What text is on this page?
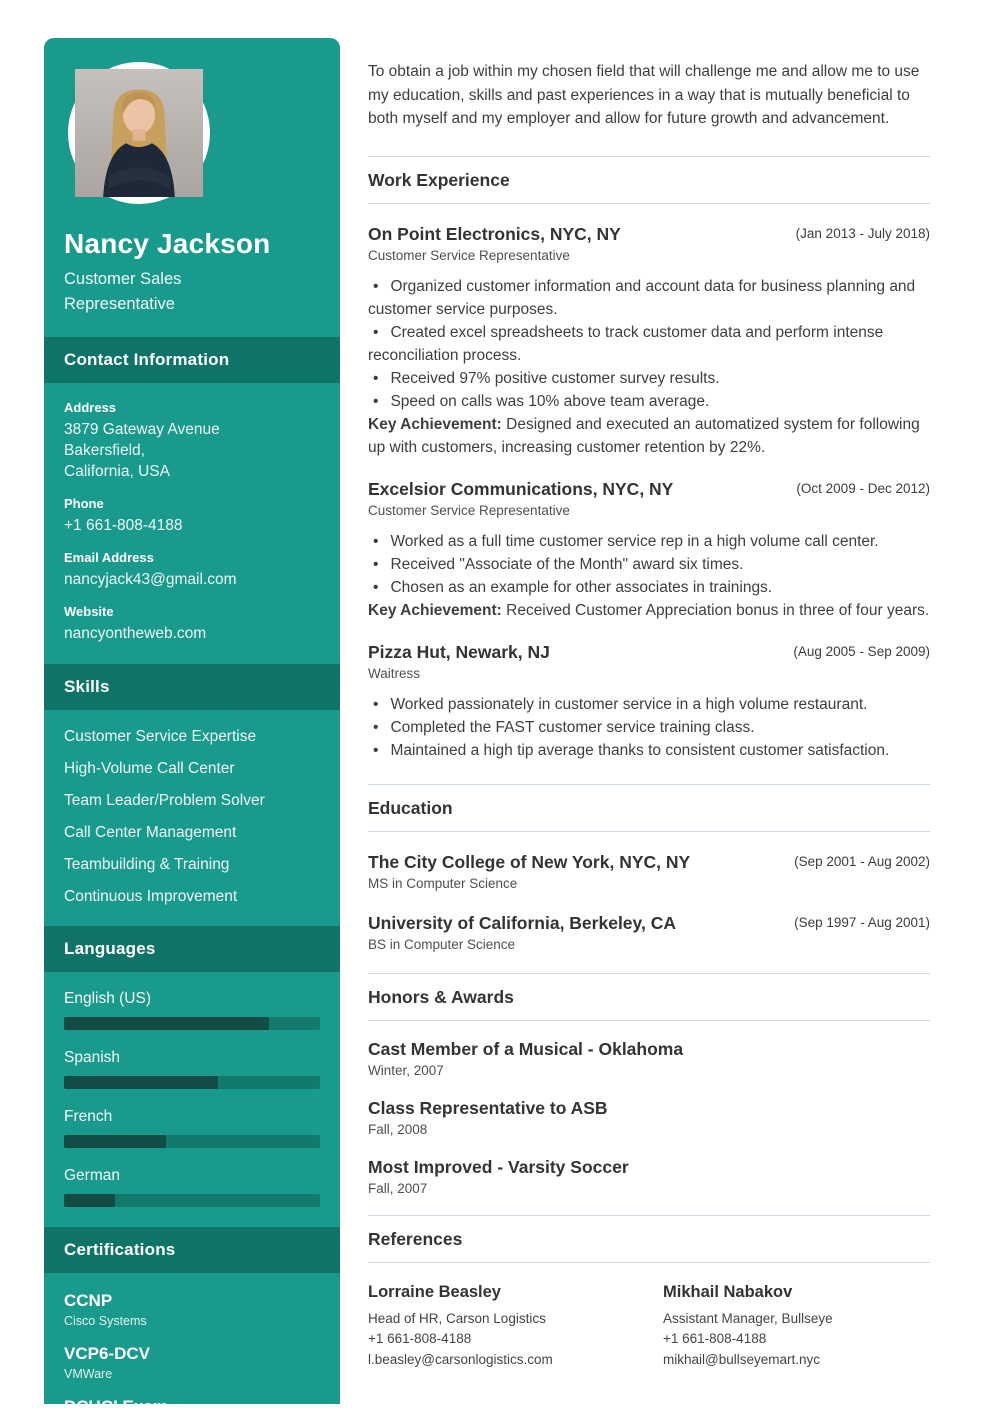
Nancy Jackson
Customer Sales Representative
Contact Information
Address
3879 Gateway Avenue
Bakersfield,
California, USA
Phone
+1 661-808-4188
Email Address
nancyjack43@gmail.com
Website
nancyontheweb.com
Skills
Customer Service Expertise
High-Volume Call Center
Team Leader/Problem Solver
Call Center Management
Teambuilding & Training
Continuous Improvement
Languages
English (US)
Spanish
French
German
Certifications
CCNP
Cisco Systems
VCP6-DCV
VMWare
DCUCI Exam

To obtain a job within my chosen field that will challenge me and allow me to use my education, skills and past experiences in a way that is mutually beneficial to both myself and my employer and allow for future growth and advancement.

Work Experience
On Point Electronics, NYC, NY	(Jan 2013 - July 2018)
Customer Service Representative
• Organized customer information and account data for business planning and customer service purposes.
• Created excel spreadsheets to track customer data and perform intense reconciliation process.
• Received 97% positive customer survey results.
• Speed on calls was 10% above team average.

Key Achievement: Designed and executed an automatized system for following up with customers, increasing customer retention by 22%.

Excelsior Communications, NYC, NY	(Oct 2009 - Dec 2012)
Customer Service Representative
• Worked as a full time customer service rep in a high volume call center.
• Received "Associate of the Month" award six times.
• Chosen as an example for other associates in trainings.

Key Achievement: Received Customer Appreciation bonus in three of four years.

Pizza Hut, Newark, NJ	(Aug 2005 - Sep 2009)
Waitress
• Worked passionately in customer service in a high volume restaurant.
• Completed the FAST customer service training class.
• Maintained a high tip average thanks to consistent customer satisfaction.
Education
The City College of New York, NYC, NY	(Sep 2001 - Aug 2002)
MS in Computer Science
University of California, Berkeley, CA	(Sep 1997 - Aug 2001)
BS in Computer Science
Honors & Awards
Cast Member of a Musical - Oklahoma
Winter, 2007
Class Representative to ASB
Fall, 2008
Most Improved - Varsity Soccer
Fall, 2007
References
Lorraine Beasley
Head of HR, Carson Logistics
+1 661-808-4188
l.beasley@carsonlogistics.com
Mikhail Nabakov
Assistant Manager, Bullseye
+1 661-808-4188
mikhail@bullseyemart.nyc
